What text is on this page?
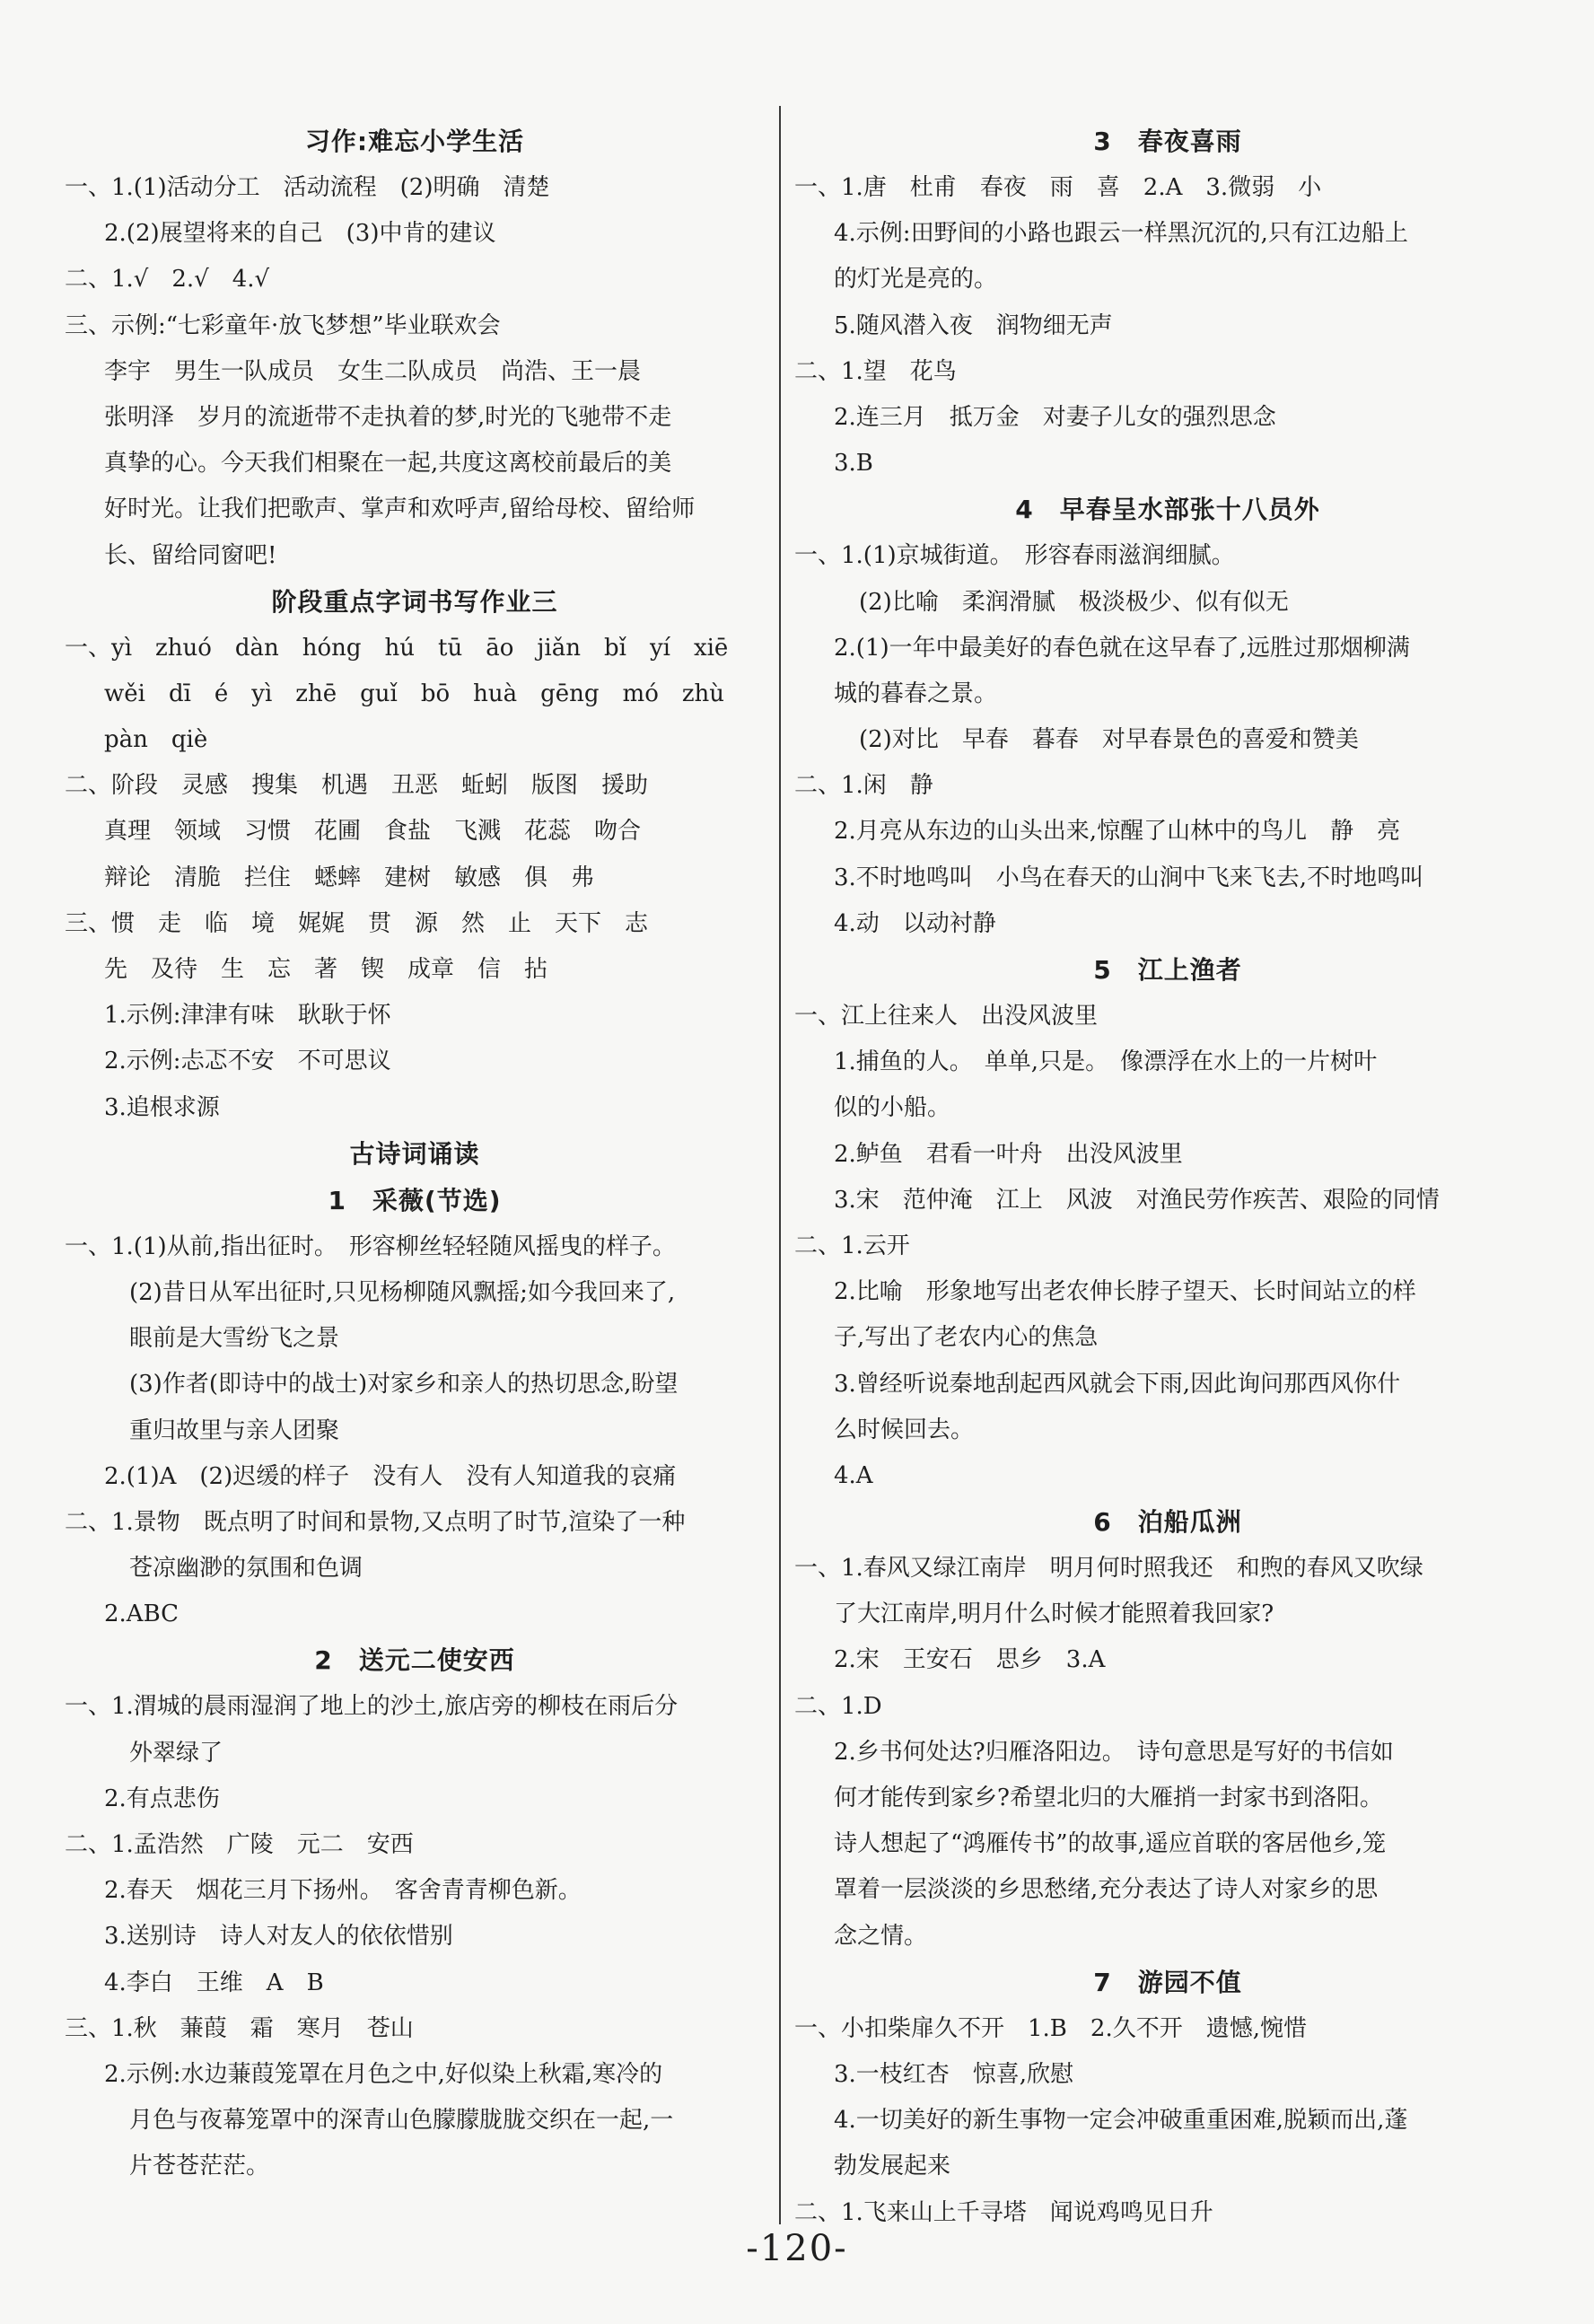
习作:难忘小学生活
一、1.(1)活动分工　活动流程　(2)明确　清楚
2.(2)展望将来的自己　(3)中肯的建议
二、1.√　2.√　4.√
三、示例:“七彩童年·放飞梦想”毕业联欢会
李宇　男生一队成员　女生二队成员　尚浩、王一晨
张明泽　岁月的流逝带不走执着的梦,时光的飞驰带不走
真挚的心。今天我们相聚在一起,共度这离校前最后的美
好时光。让我们把歌声、掌声和欢呼声,留给母校、留给师
长、留给同窗吧!
阶段重点字词书写作业三
一、yì　zhuó　dàn　hóng　hú　tū　āo　jiǎn　bǐ　yí　xiē
wěi　dī　é　yì　zhē　guǐ　bō　huà　gēng　mó　zhù
pàn　qiè
二、阶段　灵感　搜集　机遇　丑恶　蚯蚓　版图　援助
真理　领域　习惯　花圃　食盐　飞溅　花蕊　吻合
辩论　清脆　拦住　蟋蟀　建树　敏感　俱　弗
三、惯　走　临　境　娓娓　贯　源　然　止　天下　志
先　及待　生　忘　著　锲　成章　信　拈
1.示例:津津有味　耿耿于怀
2.示例:忐忑不安　不可思议
3.追根求源
古诗词诵读
1　采薇(节选)
一、1.(1)从前,指出征时。　形容柳丝轻轻随风摇曳的样子。
(2)昔日从军出征时,只见杨柳随风飘摇;如今我回来了,
眼前是大雪纷飞之景
(3)作者(即诗中的战士)对家乡和亲人的热切思念,盼望
重归故里与亲人团聚
2.(1)A　(2)迟缓的样子　没有人　没有人知道我的哀痛
二、1.景物　既点明了时间和景物,又点明了时节,渲染了一种
苍凉幽渺的氛围和色调
2.ABC
2　送元二使安西
一、1.渭城的晨雨湿润了地上的沙土,旅店旁的柳枝在雨后分
外翠绿了
2.有点悲伤
二、1.孟浩然　广陵　元二　安西
2.春天　烟花三月下扬州。　客舍青青柳色新。
3.送别诗　诗人对友人的依依惜别
4.李白　王维　A　B
三、1.秋　蒹葭　霜　寒月　苍山
2.示例:水边蒹葭笼罩在月色之中,好似染上秋霜,寒冷的
月色与夜幕笼罩中的深青山色朦朦胧胧交织在一起,一
片苍苍茫茫。
3　春夜喜雨
一、1.唐　杜甫　春夜　雨　喜　2.A　3.微弱　小
4.示例:田野间的小路也跟云一样黑沉沉的,只有江边船上
的灯光是亮的。
5.随风潜入夜　润物细无声
二、1.望　花鸟
2.连三月　抵万金　对妻子儿女的强烈思念
3.B
4　早春呈水部张十八员外
一、1.(1)京城街道。　形容春雨滋润细腻。
(2)比喻　柔润滑腻　极淡极少、似有似无
2.(1)一年中最美好的春色就在这早春了,远胜过那烟柳满
城的暮春之景。
(2)对比　早春　暮春　对早春景色的喜爱和赞美
二、1.闲　静
2.月亮从东边的山头出来,惊醒了山林中的鸟儿　静　亮
3.不时地鸣叫　小鸟在春天的山涧中飞来飞去,不时地鸣叫
4.动　以动衬静
5　江上渔者
一、江上往来人　出没风波里
1.捕鱼的人。　单单,只是。　像漂浮在水上的一片树叶
似的小船。
2.鲈鱼　君看一叶舟　出没风波里
3.宋　范仲淹　江上　风波　对渔民劳作疾苦、艰险的同情
二、1.云开
2.比喻　形象地写出老农伸长脖子望天、长时间站立的样
子,写出了老农内心的焦急
3.曾经听说秦地刮起西风就会下雨,因此询问那西风你什
么时候回去。
4.A
6　泊船瓜洲
一、1.春风又绿江南岸　明月何时照我还　和煦的春风又吹绿
了大江南岸,明月什么时候才能照着我回家?
2.宋　王安石　思乡　3.A
二、1.D
2.乡书何处达?归雁洛阳边。　诗句意思是写好的书信如
何才能传到家乡?希望北归的大雁捎一封家书到洛阳。
诗人想起了“鸿雁传书”的故事,遥应首联的客居他乡,笼
罩着一层淡淡的乡思愁绪,充分表达了诗人对家乡的思
念之情。
7　游园不值
一、小扣柴扉久不开　1.B　2.久不开　遗憾,惋惜
3.一枝红杏　惊喜,欣慰
4.一切美好的新生事物一定会冲破重重困难,脱颖而出,蓬
勃发展起来
二、1.飞来山上千寻塔　闻说鸡鸣见日升
-120-
